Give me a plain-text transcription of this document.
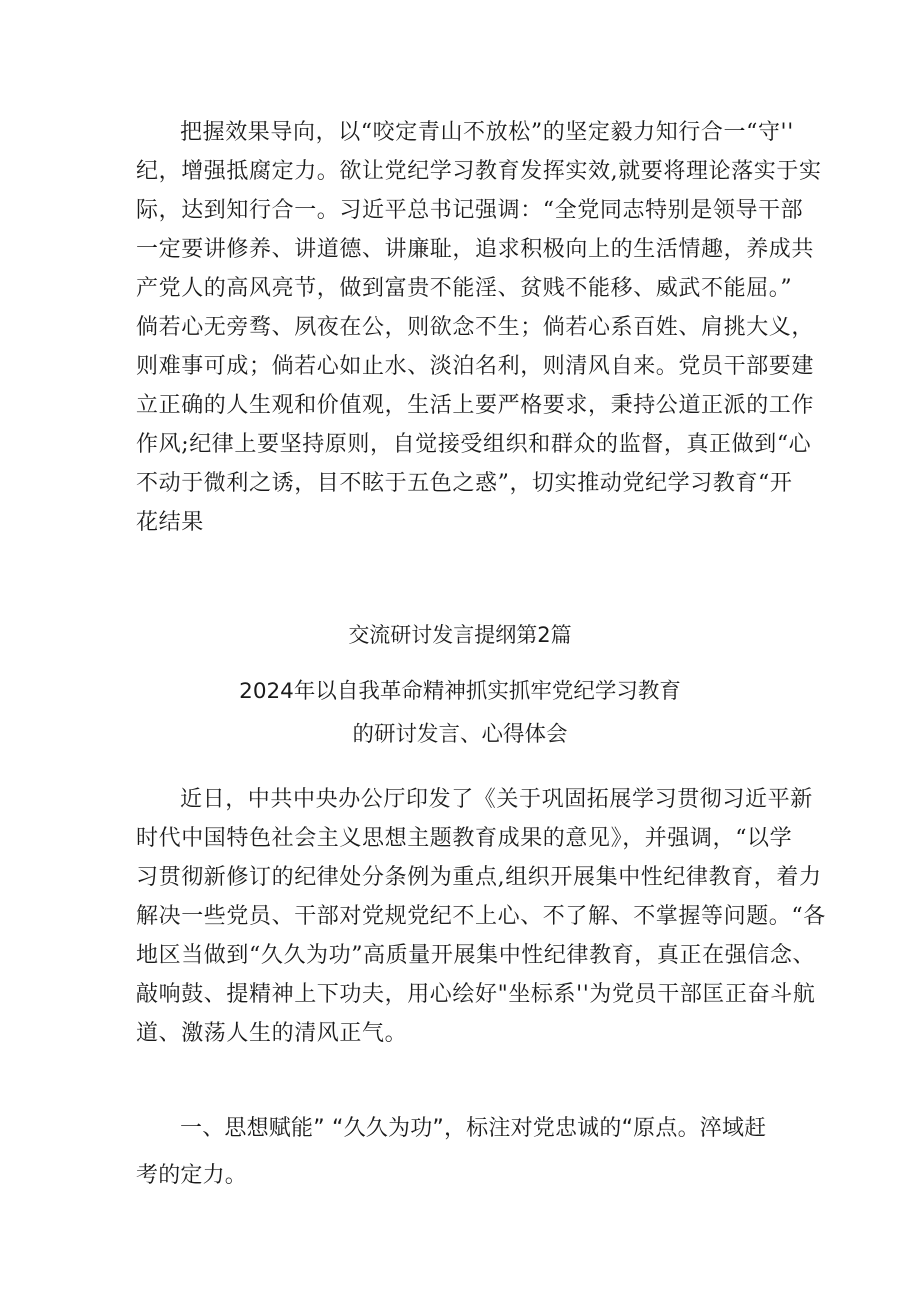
把握效果导向，以“咬定青山不放松”的坚定毅力知行合一“守''
纪，增强抵腐定力。欲让党纪学习教育发挥实效,就要将理论落实于实
际，达到知行合一。习近平总书记强调：“全党同志特别是领导干部
一定要讲修养、讲道德、讲廉耻，追求积极向上的生活情趣，养成共
产党人的高风亮节，做到富贵不能淫、贫贱不能移、威武不能屈。”
倘若心无旁骛、夙夜在公，则欲念不生；倘若心系百姓、肩挑大义，
则难事可成；倘若心如止水、淡泊名利，则清风自来。党员干部要建
立正确的人生观和价值观，生活上要严格要求，秉持公道正派的工作
作风;纪律上要坚持原则，自觉接受组织和群众的监督，真正做到“心
不动于微利之诱，目不眩于五色之惑”，切实推动党纪学习教育“开
花结果
交流研讨发言提纲第2篇
2024年以自我革命精神抓实抓牢党纪学习教育
的研讨发言、心得体会
近日，中共中央办公厅印发了《关于巩固拓展学习贯彻习近平新
时代中国特色社会主义思想主题教育成果的意见》，并强调，“以学
习贯彻新修订的纪律处分条例为重点,组织开展集中性纪律教育，着力
解决一些党员、干部对党规党纪不上心、不了解、不掌握等问题。“各
地区当做到“久久为功”高质量开展集中性纪律教育，真正在强信念、
敲响鼓、提精神上下功夫，用心绘好"坐标系''为党员干部匡正奋斗航
道、激荡人生的清风正气。
一、思想赋能” “久久为功”，标注对党忠诚的“原点。淬域赶
考的定力。
